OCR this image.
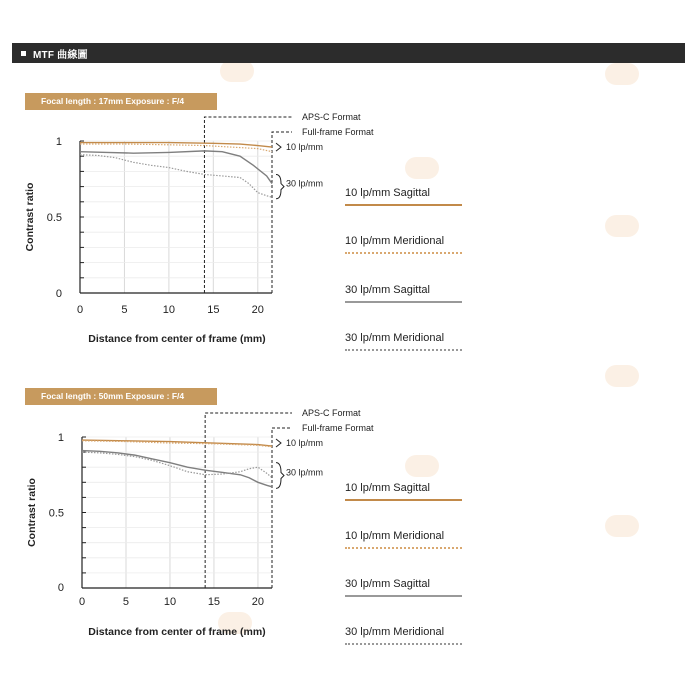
MTF 曲線圖
Focal length : 17mm Exposure : F/4
0
0.5
1
0	5	10	15	20
Distance from center of frame (mm)
Contrast ratio
APS-C Format
Full-frame Format
10 lp/mm
30 lp/mm
10 lp/mm Sagittal
10 lp/mm Meridional
30 lp/mm Sagittal
30 lp/mm Meridional
Focal length : 50mm Exposure : F/4
0
0.5
1
0	5	10	15	20
Distance from center of frame (mm)
Contrast ratio
APS-C Format
Full-frame Format
10 lp/mm
30 lp/mm
10 lp/mm Sagittal
10 lp/mm Meridional
30 lp/mm Sagittal
30 lp/mm Meridional
